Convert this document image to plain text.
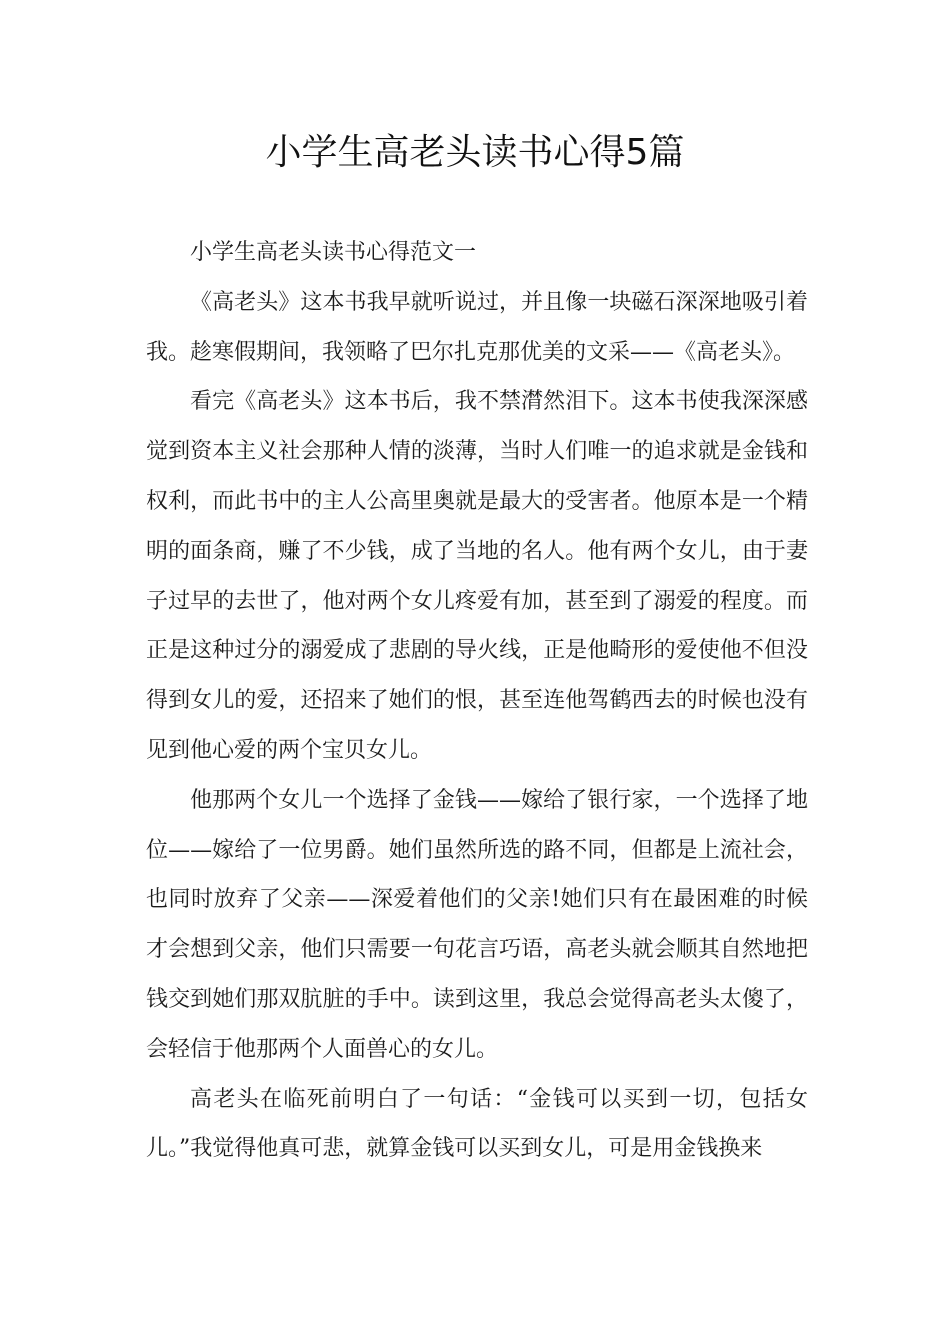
小学生高老头读书心得5篇

小学生高老头读书心得范文一

《高老头》这本书我早就听说过，并且像一块磁石深深地吸引着我。趁寒假期间，我领略了巴尔扎克那优美的文采——《高老头》。

看完《高老头》这本书后，我不禁潸然泪下。这本书使我深深感觉到资本主义社会那种人情的淡薄，当时人们唯一的追求就是金钱和权利，而此书中的主人公高里奥就是最大的受害者。他原本是一个精明的面条商，赚了不少钱，成了当地的名人。他有两个女儿，由于妻子过早的去世了，他对两个女儿疼爱有加，甚至到了溺爱的程度。而正是这种过分的溺爱成了悲剧的导火线，正是他畸形的爱使他不但没得到女儿的爱，还招来了她们的恨，甚至连他驾鹤西去的时候也没有见到他心爱的两个宝贝女儿。

他那两个女儿一个选择了金钱——嫁给了银行家，一个选择了地位——嫁给了一位男爵。她们虽然所选的路不同，但都是上流社会，也同时放弃了父亲——深爱着他们的父亲!她们只有在最困难的时候才会想到父亲，他们只需要一句花言巧语，高老头就会顺其自然地把钱交到她们那双肮脏的手中。读到这里，我总会觉得高老头太傻了，会轻信于他那两个人面兽心的女儿。

高老头在临死前明白了一句话：“金钱可以买到一切，包括女儿。”我觉得他真可悲，就算金钱可以买到女儿，可是用金钱换来
